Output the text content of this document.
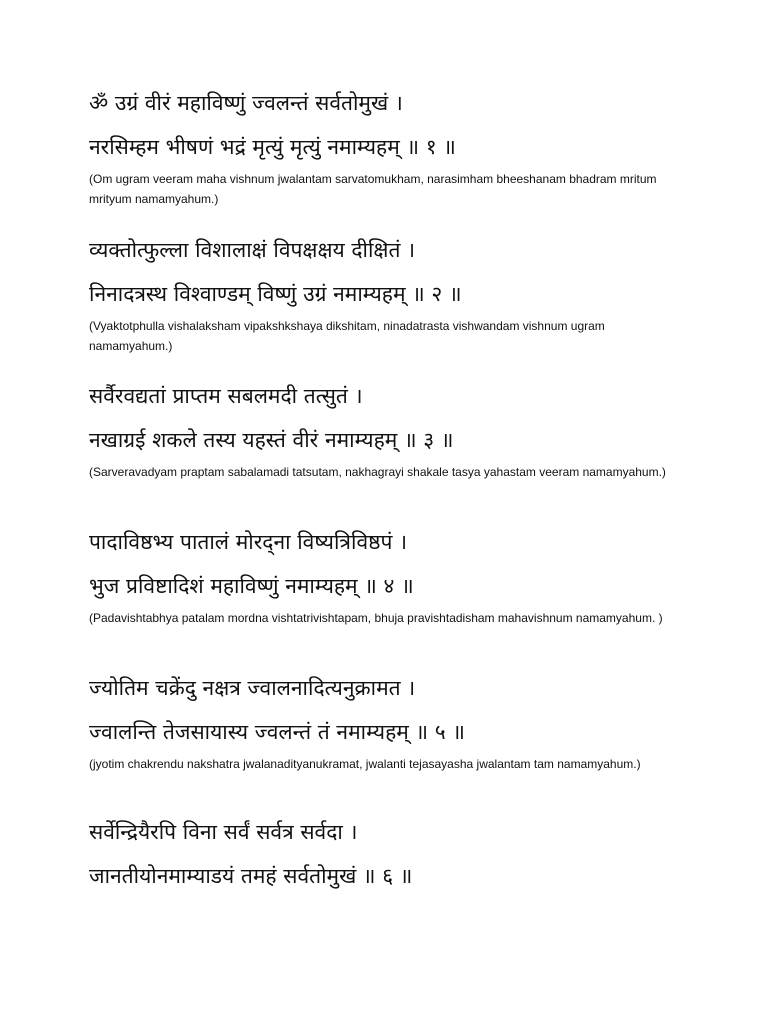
ॐ उग्रं वीरं महाविष्णुं ज्वलन्तं सर्वतोमुखं ।
नरसिम्हम भीषणं भद्रं मृत्युं मृत्युं नमाम्यहम् ॥ १ ॥
(Om ugram veeram maha vishnum jwalantam sarvatomukham, narasimham bheeshanam bhadram mritum mrityum namamyahum.)
व्यक्तोत्फुल्ला विशालाक्षं विपक्षक्षय दीक्षितं ।
निनादत्रस्थ विश्वाण्डम् विष्णुं उग्रं नमाम्यहम् ॥ २ ॥
(Vyaktotphulla vishalaksham vipakshkshaya dikshitam, ninadatrasta vishwandam vishnum ugram namamyahum.)
सर्वैरवद्यतां प्राप्तम सबलमदी तत्सुतं ।
नखाग्रई शकले तस्य यहस्तं वीरं नमाम्यहम् ॥ ३ ॥
(Sarveravadyam praptam sabalamadi tatsutam, nakhagrayi shakale tasya yahastam veeram namamyahum.)
पादाविष्ठभ्य पातालं मोरद्ना विष्यत्रिविष्ठपं ।
भुज प्रविष्टादिशं महाविष्णुं नमाम्यहम् ॥ ४ ॥
(Padavishtabhya patalam mordna vishtatrivishtapam, bhuja pravishtadisham mahavishnum namamyahum. )
ज्योतिम चक्रेंदु नक्षत्र ज्वालनादित्यनुक्रामत ।
ज्वालन्ति तेजसायास्य ज्वलन्तं तं नमाम्यहम् ॥ ५ ॥
(jyotim chakrendu nakshatra jwalanadityanukramat, jwalanti tejasayasha jwalantam tam namamyahum.)
सर्वेन्द्रियैरपि विना सर्वं सर्वत्र सर्वदा ।
जानतीयोनमाम्याडयं तमहं सर्वतोमुखं ॥ ६ ॥
